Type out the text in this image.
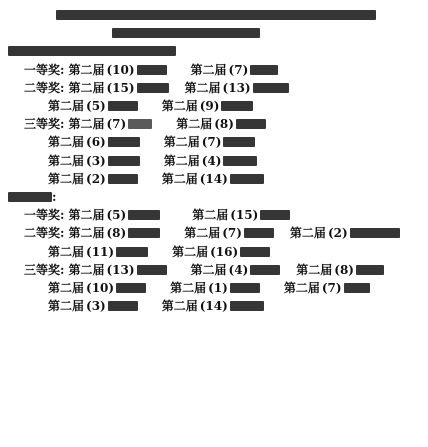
一等奖 : 第二届 (10)	第二届 (7)
二等奖 : 第二届 (15)	第二届 (13)
第二届 (5)	第二届 (9)
三等奖 : 第二届 (7)	第二届 (8)
第二届 (6)	第二届 (7)
第二届 (3)	第二届 (4)
第二届 (2)	第二届 (14)
:
一等奖 : 第二届 (5)	第二届 (15)
二等奖 : 第二届 (8)	第二届 (7)	第二届 (2)
第二届 (11)	第二届 (16)
三等奖 : 第二届 (13)	第二届 (4)	第二届 (8)
第二届 (10)	第二届 (1)	第二届 (7)
第二届 (3)	第二届 (14)
